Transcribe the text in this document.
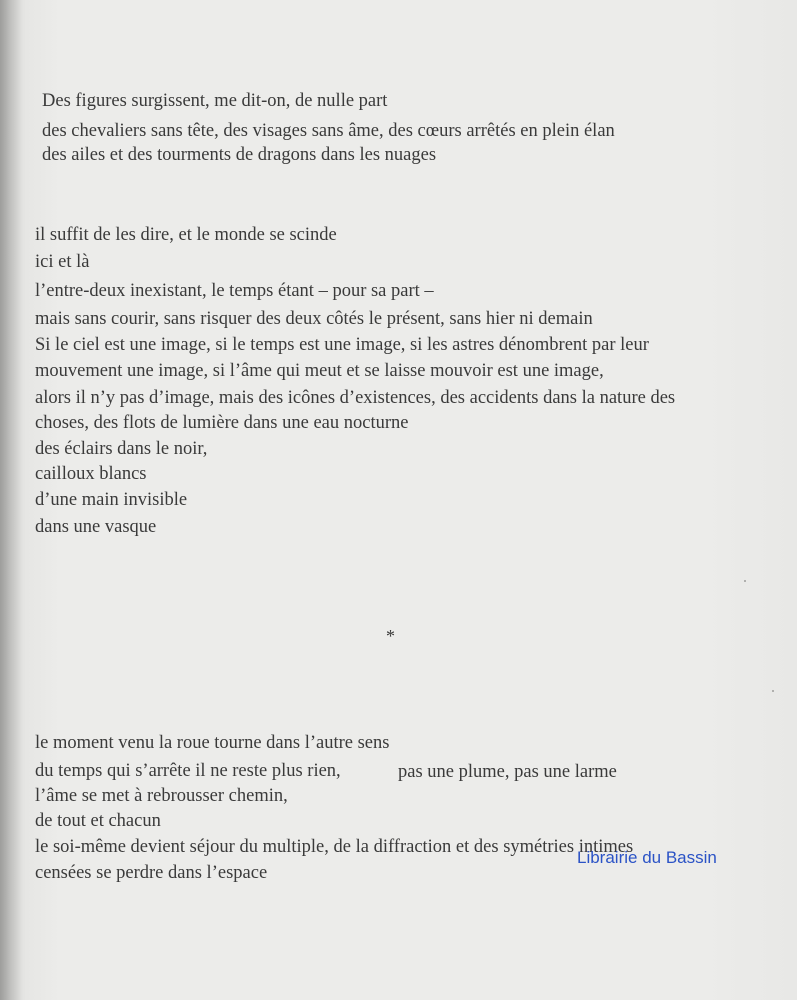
Des figures surgissent, me dit-on, de nulle part
des chevaliers sans tête, des visages sans âme, des cœurs arrêtés en plein élan
des ailes et des tourments de dragons dans les nuages
il suffit de les dire, et le monde se scinde
ici et là
l’entre-deux inexistant, le temps étant – pour sa part –
mais sans courir, sans risquer des deux côtés le présent, sans hier ni demain
Si le ciel est une image, si le temps est une image, si les astres dénombrent par leur
mouvement une image, si l’âme qui meut et se laisse mouvoir est une image,
alors il n’y pas d’image, mais des icônes d’existences, des accidents dans la nature des
choses, des flots de lumière dans une eau nocturne
des éclairs dans le noir,
cailloux blancs
d’une main invisible
dans une vasque
*
le moment venu la roue tourne dans l’autre sens
du temps qui s’arrête il ne reste plus rien,	pas une plume, pas une larme
l’âme se met à rebrousser chemin,
de tout et chacun
le soi-même devient séjour du multiple, de la diffraction et des symétries intimes
censées se perdre dans l’espace
Librairie du Bassin
